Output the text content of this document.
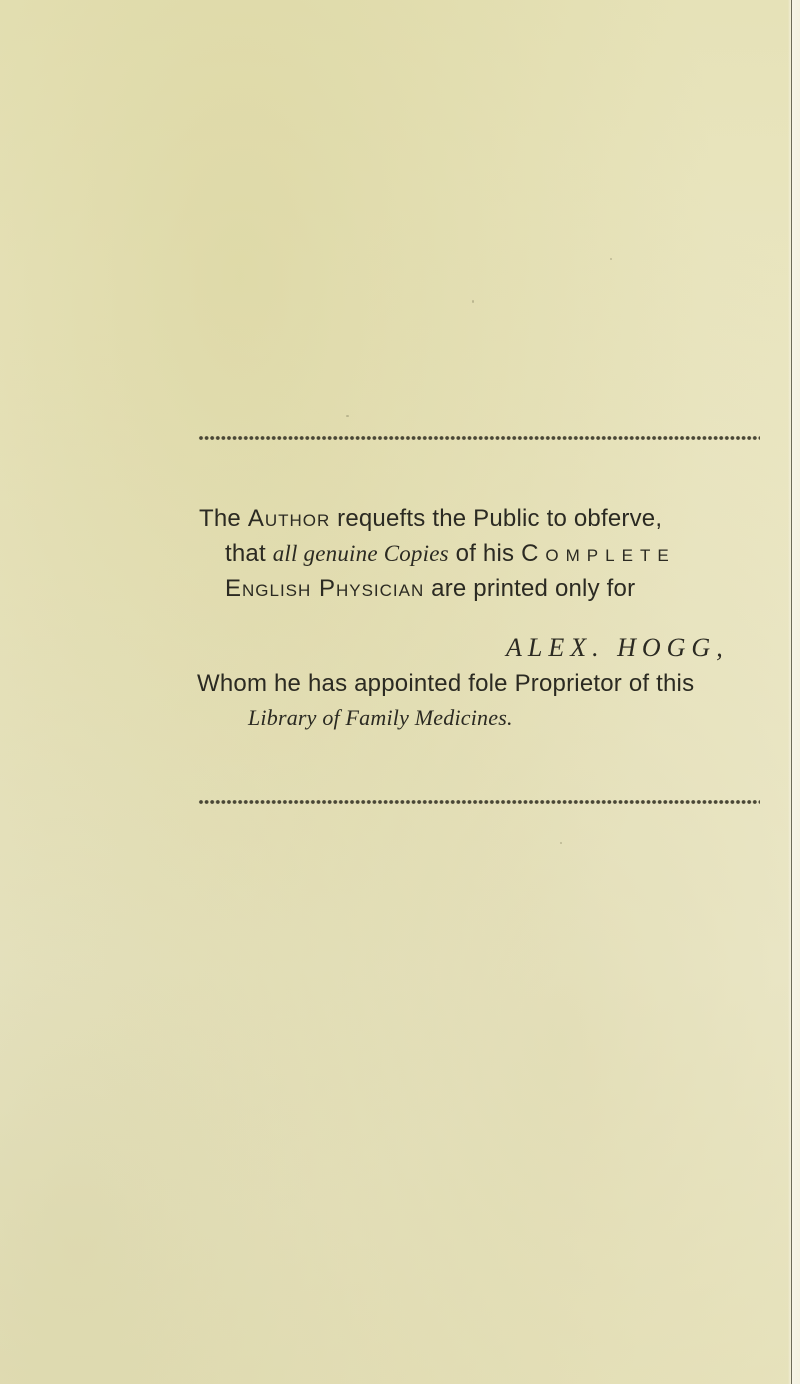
The Author requefts the Public to obferve,
that all genuine Copies of his Complete
English Physician are printed only for
ALEX. HOGG,
Whom he has appointed fole Proprietor of this
Library of Family Medicines.
